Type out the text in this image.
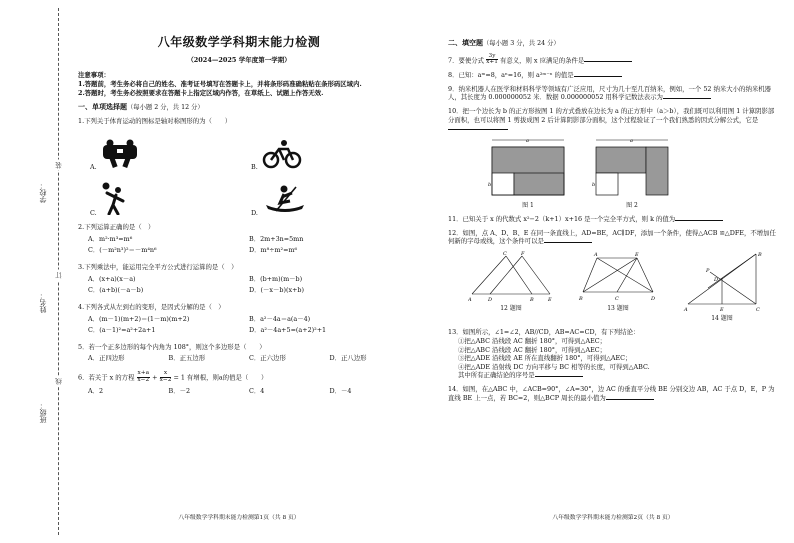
学校：
姓名：
班级：
装
订
线
八年级数学学科期末能力检测
（2024—2025 学年度第一学期）
注意事项：

1.答题前，考生务必将自己的姓名、准考证号填写在答题卡上，并将条形码准确粘贴在条形码区域内.

2.答题时，考生务必按照要求在答题卡上指定区域内作答，在草纸上、试题上作答无效.

一、单项选择题（每小题 2 分，共 12 分）
1.下列关于体育运动的图标是轴对称图形的为（　　）
A.	B.
C.	D.
2.下列运算正确的是（　）
A．m²·m³=m⁶	B．2m+3n=5mn
C．(－m²n³)²＝－m⁴n⁶	D．m⁸÷m²=m⁶
3.下列乘法中，能运用完全平方公式进行运算的是（　）
A．(x+a)(x－a)	B．(b+m)(m－b)
C．(a+b)(－a－b)	D．(－x－b)(x+b)
4.下列各式从左到右的变形，是因式分解的是（　）
A．(m－1)(m+2)＝(1－m)(m+2)	B．a²－4a＝a(a－4)
C．(a－1)²=a²+2a+1	D．a²－4a+5=(a+2)²+1
5．若一个正多边形的每个内角为 108°，则这个多边形是（　　）
A．正四边形	B．正五边形	C．正六边形	D．正八边形
6．若关于 x 的方程 $\frac{x+a}{x-2} + \frac{x}{x-2} = 1$ 有增根，则a的值是（　　）
A．2	B．－2	C．4	D．－4
八年级数学学科期末能力检测第1页（共 8 页）
二、填空题（每小题 3 分，共 24 分）
7．要使分式 $\frac{3y}{x+1}$ 有意义，则 x 应满足的条件是
8．已知：aᵐ=8，aⁿ=16，则 a²ᵐ⁻ⁿ 的值是
9．纳米机器人在医学和材料科学等领域有广泛应用，尺寸为几十至几百纳米，例如，一个 52 纳米大小的纳米机器人，其长度为 0.000000052 米．数据 0.000000052 用科学记数法表示为
10．把一个边长为 b 的正方形按图 1 的方式叠放在边长为 a 的正方形中（a＞b），我们既可以利用图 1 计算阴影部分面积，也可以将图 1 剪拔成图 2 后计算阴影部分面积，这个过程验证了一个我们熟悉的因式分解公式，它是
a
b
图 1
a
b
图 2
11．已知关于 x 的代数式 x²−2（k+1）x+16 是一个完全平方式，则 k 的值为
12．如图，点 A、D、B、E 在同一条直线上，AD=BE，AC∥DF，添加一个条件，使得△ACB ≌△DFE，不增加任何新的字母或线，这个条件可以是
A	D	B	E
C	F
12 题图
A	E
B	C	D
13 题图	A	E	C
B
P
D
14 题图
13．如图所示，∠1=∠2，AB//CD，AB=AC=CD，有下列结论：
①把△ABC 沿线段 AC 翻折 180°，可得到△AEC；
②把△ABC 沿线段 AC 翻折 180°，可得到△AEC；
③把△ADE 沿线段 AE 所在直线翻折 180°，可得到△AEC；
④把△ADE 沿射线 DC 方向平移与 BC 相等的长度，可得到△ABC.
其中所有正确结论的序号是
14．如图，在△ABC 中，∠ACB=90°，∠A=30°，边 AC 的垂直平分线 BE 分别交边 AB，AC 于点 D，E，P 为直线 BE 上一点，若 BC=2，则△BCP 周长的最小值为
八年级数学学科期末能力检测第2页（共 8 页）
